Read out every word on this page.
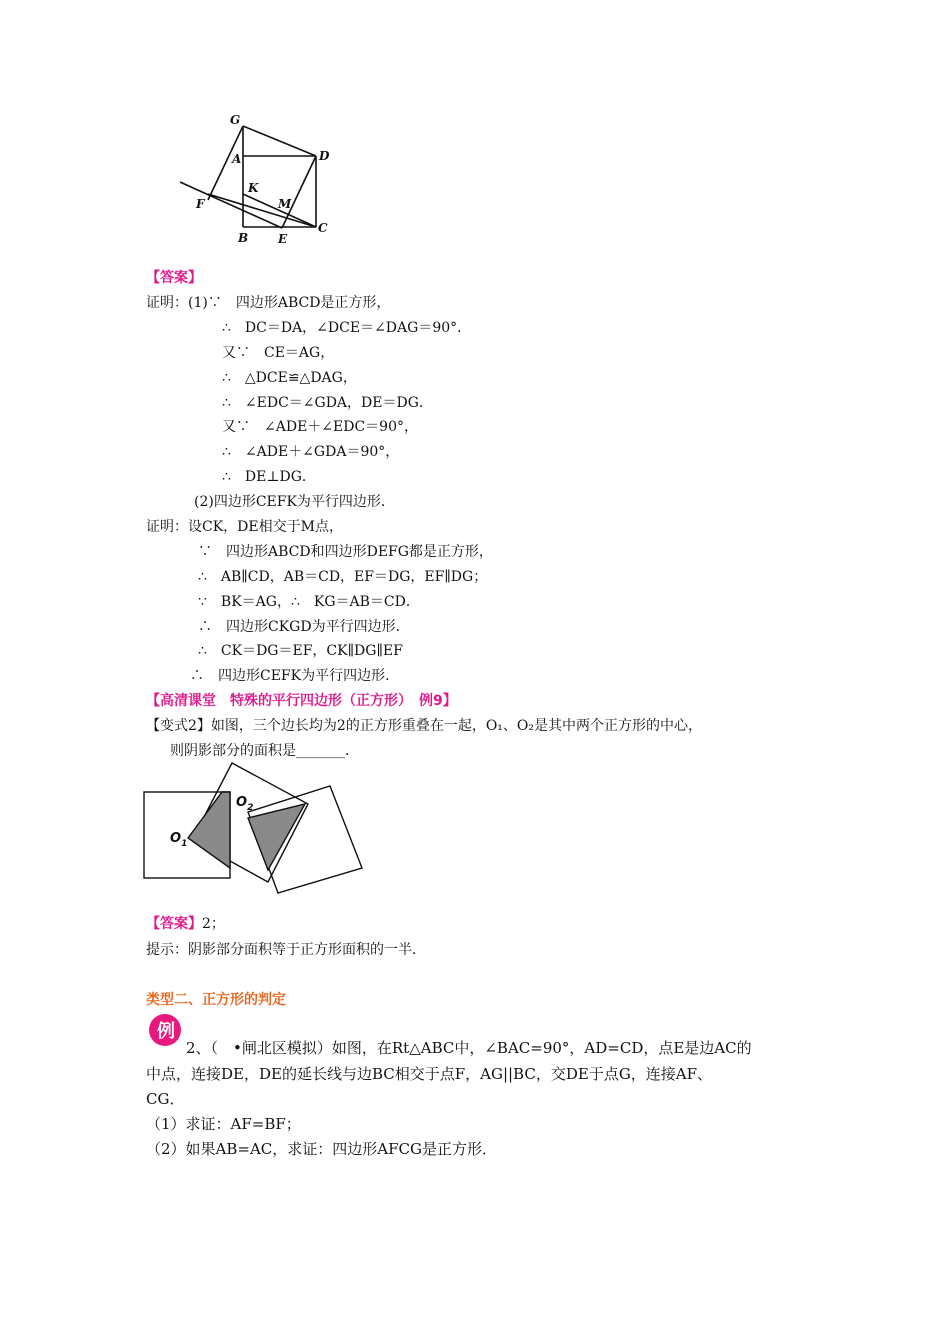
G
A	D
K
F	M
B E
C
【答案】
证明：(1)∵　四边形ABCD是正方形，
∴　DC＝DA，∠DCE＝∠DAG＝90°．
又∵　CE＝AG，
∴　△DCE≌△DAG，
∴　∠EDC＝∠GDA，DE＝DG．
又∵　∠ADE＋∠EDC＝90°，
∴　∠ADE＋∠GDA＝90°，
∴　DE⊥DG．
(2)四边形CEFK为平行四边形．
证明：设CK，DE相交于M点，
∵　四边形ABCD和四边形DEFG都是正方形，
∴　AB∥CD，AB＝CD，EF＝DG，EF∥DG；
∵　BK＝AG，∴　KG＝AB＝CD．
∴　四边形CKGD为平行四边形．
∴　CK＝DG＝EF，CK∥DG∥EF
∴　四边形CEFK为平行四边形．
【高清课堂　特殊的平行四边形（正方形）　例9】
【变式2】如图，三个边长均为2的正方形重叠在一起，O₁、O₂是其中两个正方形的中心，
则阴影部分的面积是_______．
$O_1$
$O_2$
【答案】2；
提示：阴影部分面积等于正方形面积的一半．
类型二、正方形的判定
例
2、（　•闸北区模拟）如图，在Rt△ABC中，∠BAC=90°，AD=CD，点E是边AC的
中点，连接DE，DE的延长线与边BC相交于点F，AG||BC，交DE于点G，连接AF、
CG．
（1）求证：AF=BF；
（2）如果AB=AC，求证：四边形AFCG是正方形．
